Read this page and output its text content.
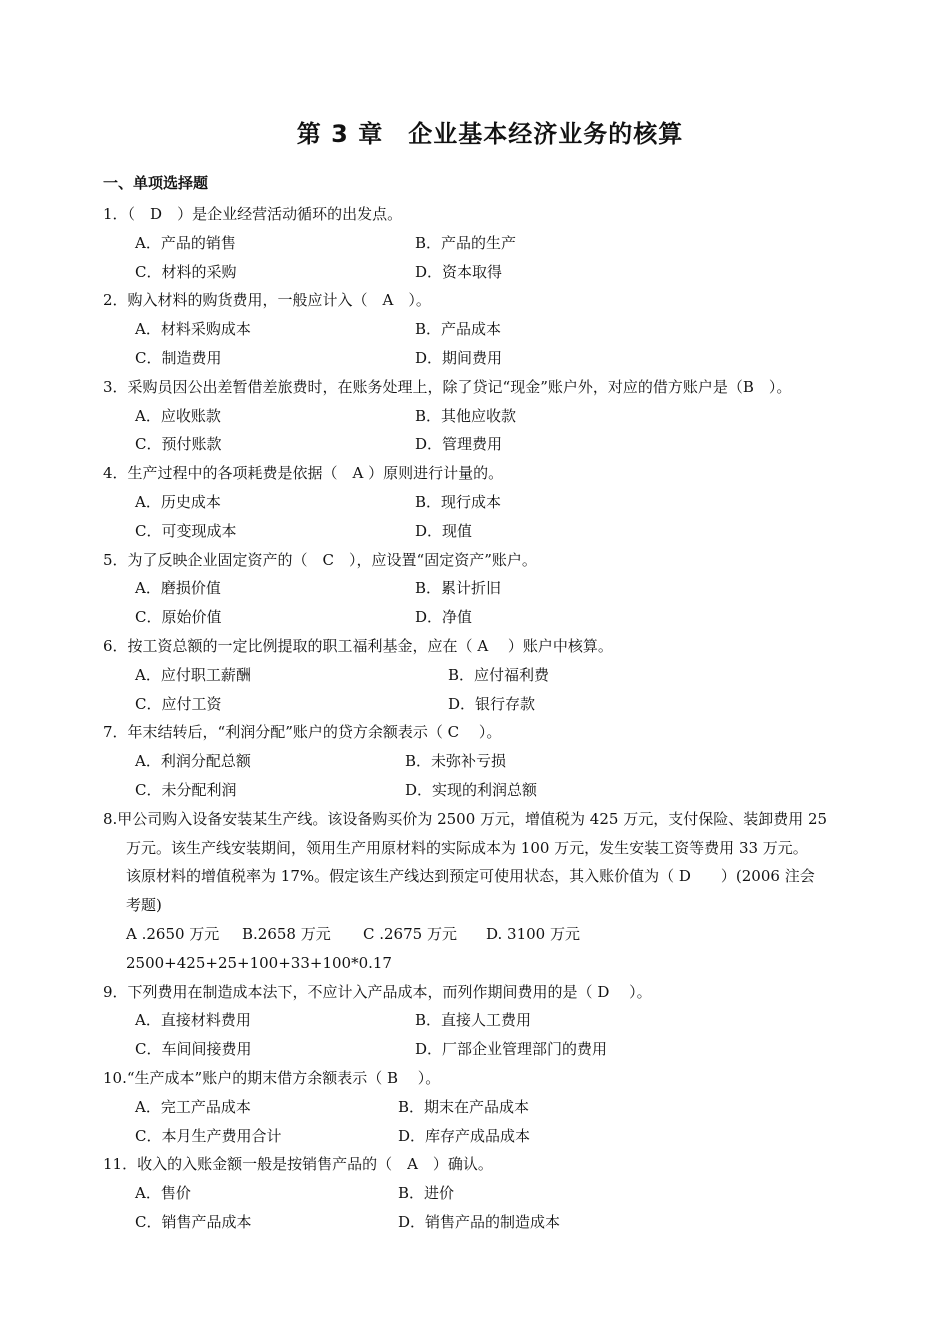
第 3 章　企业基本经济业务的核算
一、单项选择题
1．（　D　）是企业经营活动循环的出发点。
A．产品的销售	B．产品的生产
C．材料的采购	D．资本取得
2．购入材料的购货费用，一般应计入（　A　）。
A．材料采购成本	B．产品成本
C．制造费用	D．期间费用
3．采购员因公出差暂借差旅费时，在账务处理上，除了贷记“现金”账户外，对应的借方账户是（B　）。
A．应收账款	B．其他应收款
C．预付账款	D．管理费用
4．生产过程中的各项耗费是依据（　A ）原则进行计量的。
A．历史成本	B．现行成本
C．可变现成本	D．现值
5．为了反映企业固定资产的（　C　），应设置“固定资产”账户。
A．磨损价值	B．累计折旧
C．原始价值	D．净值
6．按工资总额的一定比例提取的职工福利基金，应在（ A　 ）账户中核算。
A．应付职工薪酬	B．应付福利费
C．应付工资	D．银行存款
7．年末结转后，“利润分配”账户的贷方余额表示（ C　 ）。
A．利润分配总额	B．未弥补亏损
C．未分配利润	D．实现的利润总额
8.甲公司购入设备安装某生产线。该设备购买价为 2500 万元，增值税为 425 万元，支付保险、装卸费用 25
万元。该生产线安装期间，领用生产用原材料的实际成本为 100 万元，发生安装工资等费用 33 万元。
该原材料的增值税率为 17%。假定该生产线达到预定可使用状态，其入账价值为（ D　　）(2006 注会
考题)
A .2650 万元 B.2658 万元 C .2675 万元 D. 3100 万元
2500+425+25+100+33+100*0.17
9．下列费用在制造成本法下，不应计入产品成本，而列作期间费用的是（ D　 ）。
A．直接材料费用	B．直接人工费用
C．车间间接费用	D．厂部企业管理部门的费用
10.“生产成本”账户的期末借方余额表示（ B　 ）。
A．完工产品成本	B．期末在产品成本
C．本月生产费用合计	D．库存产成品成本
11．收入的入账金额一般是按销售产品的（　A　）确认。
A．售价	B．进价
C．销售产品成本	D．销售产品的制造成本
